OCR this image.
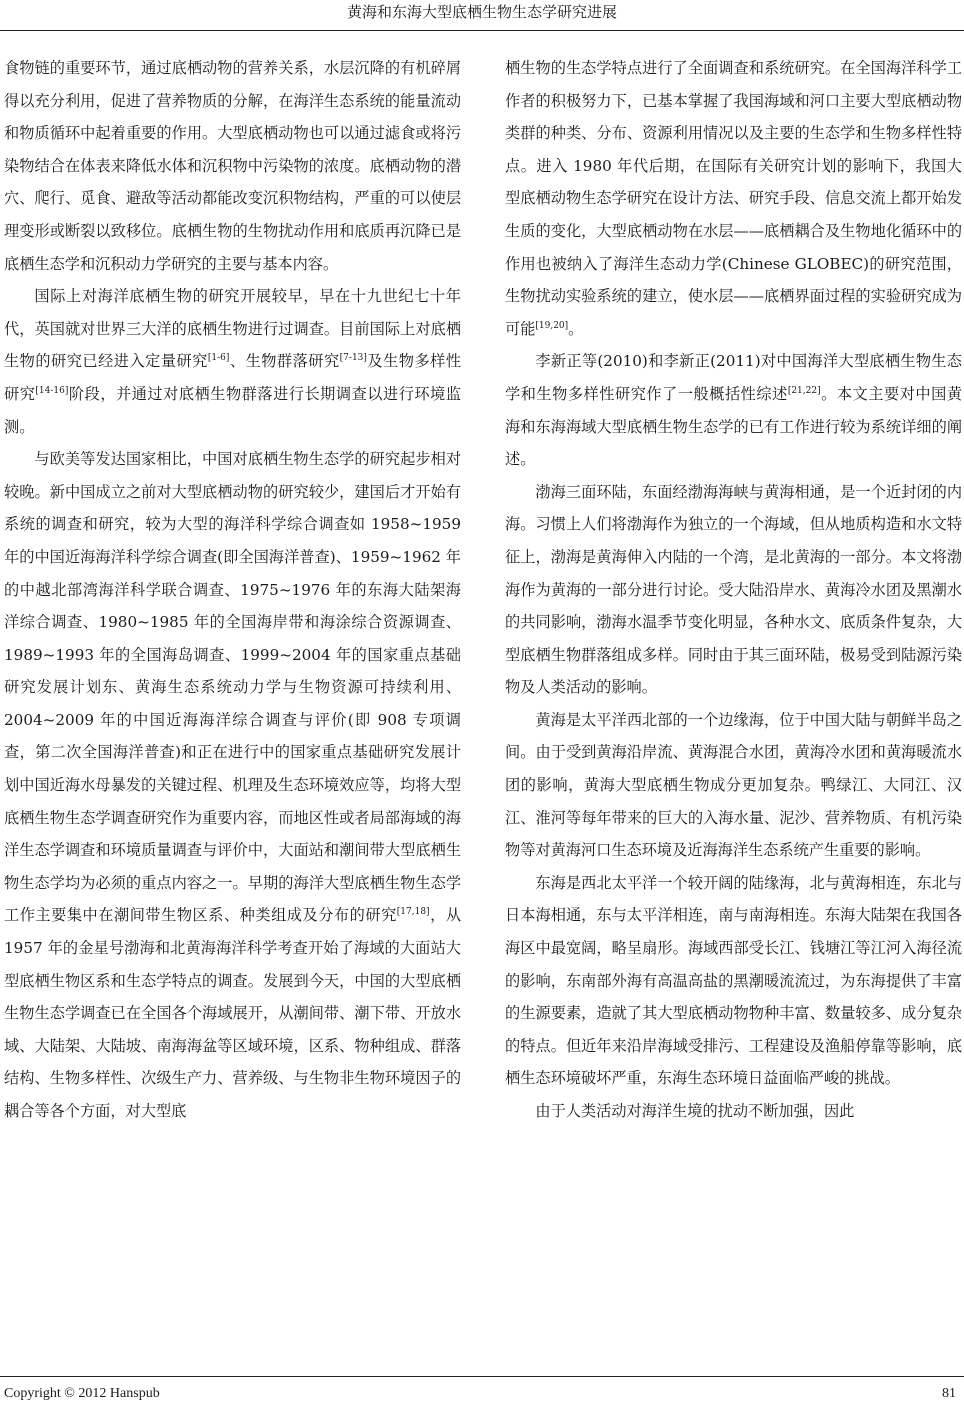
黄海和东海大型底栖生物生态学研究进展

食物链的重要环节，通过底栖动物的营养关系，水层沉降的有机碎屑得以充分利用，促进了营养物质的分解，在海洋生态系统的能量流动和物质循环中起着重要的作用。大型底栖动物也可以通过滤食或将污染物结合在体表来降低水体和沉积物中污染物的浓度。底栖动物的潜穴、爬行、觅食、避敌等活动都能改变沉积物结构，严重的可以使层理变形或断裂以致移位。底栖生物的生物扰动作用和底质再沉降已是底栖生态学和沉积动力学研究的主要与基本内容。

国际上对海洋底栖生物的研究开展较早，早在十九世纪七十年代，英国就对世界三大洋的底栖生物进行过调查。目前国际上对底栖生物的研究已经进入定量研究[1-6]、生物群落研究[7-13]及生物多样性研究[14-16]阶段，并通过对底栖生物群落进行长期调查以进行环境监测。

与欧美等发达国家相比，中国对底栖生物生态学的研究起步相对较晚。新中国成立之前对大型底栖动物的研究较少，建国后才开始有系统的调查和研究，较为大型的海洋科学综合调查如 1958~1959 年的中国近海海洋科学综合调查(即全国海洋普查)、1959~1962 年的中越北部湾海洋科学联合调查、1975~1976 年的东海大陆架海洋综合调查、1980~1985 年的全国海岸带和海涂综合资源调查、1989~1993 年的全国海岛调查、1999~2004 年的国家重点基础研究发展计划东、黄海生态系统动力学与生物资源可持续利用、2004~2009 年的中国近海海洋综合调查与评价(即 908 专项调查，第二次全国海洋普查)和正在进行中的国家重点基础研究发展计划中国近海水母暴发的关键过程、机理及生态环境效应等，均将大型底栖生物生态学调查研究作为重要内容，而地区性或者局部海域的海洋生态学调查和环境质量调查与评价中，大面站和潮间带大型底栖生物生态学均为必须的重点内容之一。早期的海洋大型底栖生物生态学工作主要集中在潮间带生物区系、种类组成及分布的研究[17,18]，从 1957 年的金星号渤海和北黄海海洋科学考查开始了海域的大面站大型底栖生物区系和生态学特点的调查。发展到今天，中国的大型底栖生物生态学调查已在全国各个海域展开，从潮间带、潮下带、开放水域、大陆架、大陆坡、南海海盆等区域环境，区系、物种组成、群落结构、生物多样性、次级生产力、营养级、与生物非生物环境因子的耦合等各个方面，对大型底

栖生物的生态学特点进行了全面调查和系统研究。在全国海洋科学工作者的积极努力下，已基本掌握了我国海域和河口主要大型底栖动物类群的种类、分布、资源利用情况以及主要的生态学和生物多样性特点。进入 1980 年代后期，在国际有关研究计划的影响下，我国大型底栖动物生态学研究在设计方法、研究手段、信息交流上都开始发生质的变化，大型底栖动物在水层——底栖耦合及生物地化循环中的作用也被纳入了海洋生态动力学(Chinese GLOBEC)的研究范围，生物扰动实验系统的建立，使水层——底栖界面过程的实验研究成为可能[19,20]。

李新正等(2010)和李新正(2011)对中国海洋大型底栖生物生态学和生物多样性研究作了一般概括性综述[21,22]。本文主要对中国黄海和东海海域大型底栖生物生态学的已有工作进行较为系统详细的阐述。

渤海三面环陆，东面经渤海海峡与黄海相通，是一个近封闭的内海。习惯上人们将渤海作为独立的一个海域，但从地质构造和水文特征上，渤海是黄海伸入内陆的一个湾，是北黄海的一部分。本文将渤海作为黄海的一部分进行讨论。受大陆沿岸水、黄海冷水团及黑潮水的共同影响，渤海水温季节变化明显，各种水文、底质条件复杂，大型底栖生物群落组成多样。同时由于其三面环陆，极易受到陆源污染物及人类活动的影响。

黄海是太平洋西北部的一个边缘海，位于中国大陆与朝鲜半岛之间。由于受到黄海沿岸流、黄海混合水团，黄海冷水团和黄海暖流水团的影响，黄海大型底栖生物成分更加复杂。鸭绿江、大同江、汉江、淮河等每年带来的巨大的入海水量、泥沙、营养物质、有机污染物等对黄海河口生态环境及近海海洋生态系统产生重要的影响。

东海是西北太平洋一个较开阔的陆缘海，北与黄海相连，东北与日本海相通，东与太平洋相连，南与南海相连。东海大陆架在我国各海区中最宽阔，略呈扇形。海域西部受长江、钱塘江等江河入海径流的影响，东南部外海有高温高盐的黑潮暖流流过，为东海提供了丰富的生源要素，造就了其大型底栖动物物种丰富、数量较多、成分复杂的特点。但近年来沿岸海域受排污、工程建设及渔船停靠等影响，底栖生态环境破坏严重，东海生态环境日益面临严峻的挑战。

由于人类活动对海洋生境的扰动不断加强，因此

Copyright © 2012 Hanspub	81
